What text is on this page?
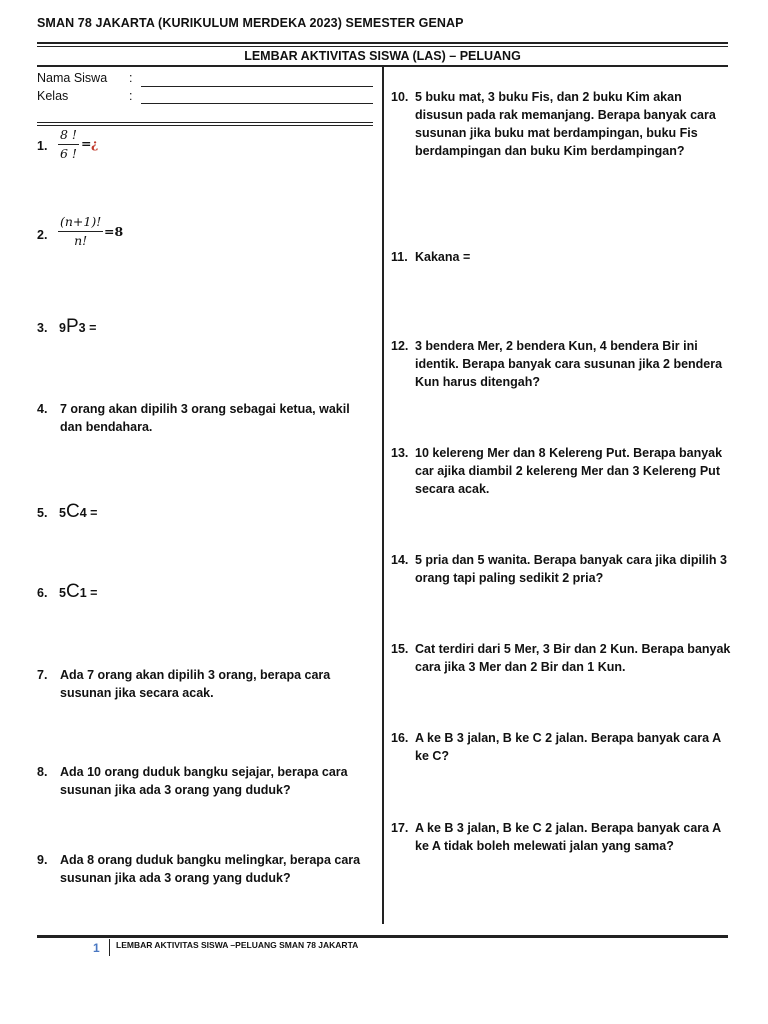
SMAN 78 JAKARTA (KURIKULUM MERDEKA 2023) SEMESTER GENAP
LEMBAR AKTIVITAS SISWA (LAS) – PELUANG
Nama Siswa :
Kelas	:
1. $\frac{8 !}{6 !}$ = ¿
2. $\frac{(n+1)!}{n!} =8$
3. 9P3 =
4. 7 orang akan dipilih 3 orang sebagai ketua, wakil dan bendahara.
5. 5C4 =
6. 5C1 =
7. Ada 7 orang akan dipilih 3 orang, berapa cara susunan jika secara acak.
8. Ada 10 orang duduk bangku sejajar, berapa cara susunan jika ada 3 orang yang duduk?
9. Ada 8 orang duduk bangku melingkar, berapa cara susunan jika ada 3 orang yang duduk?
10. 5 buku mat, 3 buku Fis, dan 2 buku Kim akan disusun pada rak memanjang. Berapa banyak cara susunan jika buku mat berdampingan, buku Fis berdampingan dan buku Kim berdampingan?
11. Kakana =
12. 3 bendera Mer, 2 bendera Kun, 4 bendera Bir ini identik. Berapa banyak cara susunan jika 2 bendera Kun harus ditengah?
13. 10 kelereng Mer dan 8 Kelereng Put. Berapa banyak car ajika diambil 2 kelereng Mer dan 3 Kelereng Put secara acak.
14. 5 pria dan 5 wanita. Berapa banyak cara jika dipilih 3 orang tapi paling sedikit 2 pria?
15. Cat terdiri dari 5 Mer, 3 Bir dan 2 Kun. Berapa banyak cara jika 3 Mer dan 2 Bir dan 1 Kun.
16. A ke B 3 jalan, B ke C 2 jalan. Berapa banyak cara A ke C?
17. A ke B 3 jalan, B ke C 2 jalan. Berapa banyak cara A ke A tidak boleh melewati jalan yang sama?
1 LEMBAR AKTIVITAS SISWA –PELUANG SMAN 78 JAKARTA
